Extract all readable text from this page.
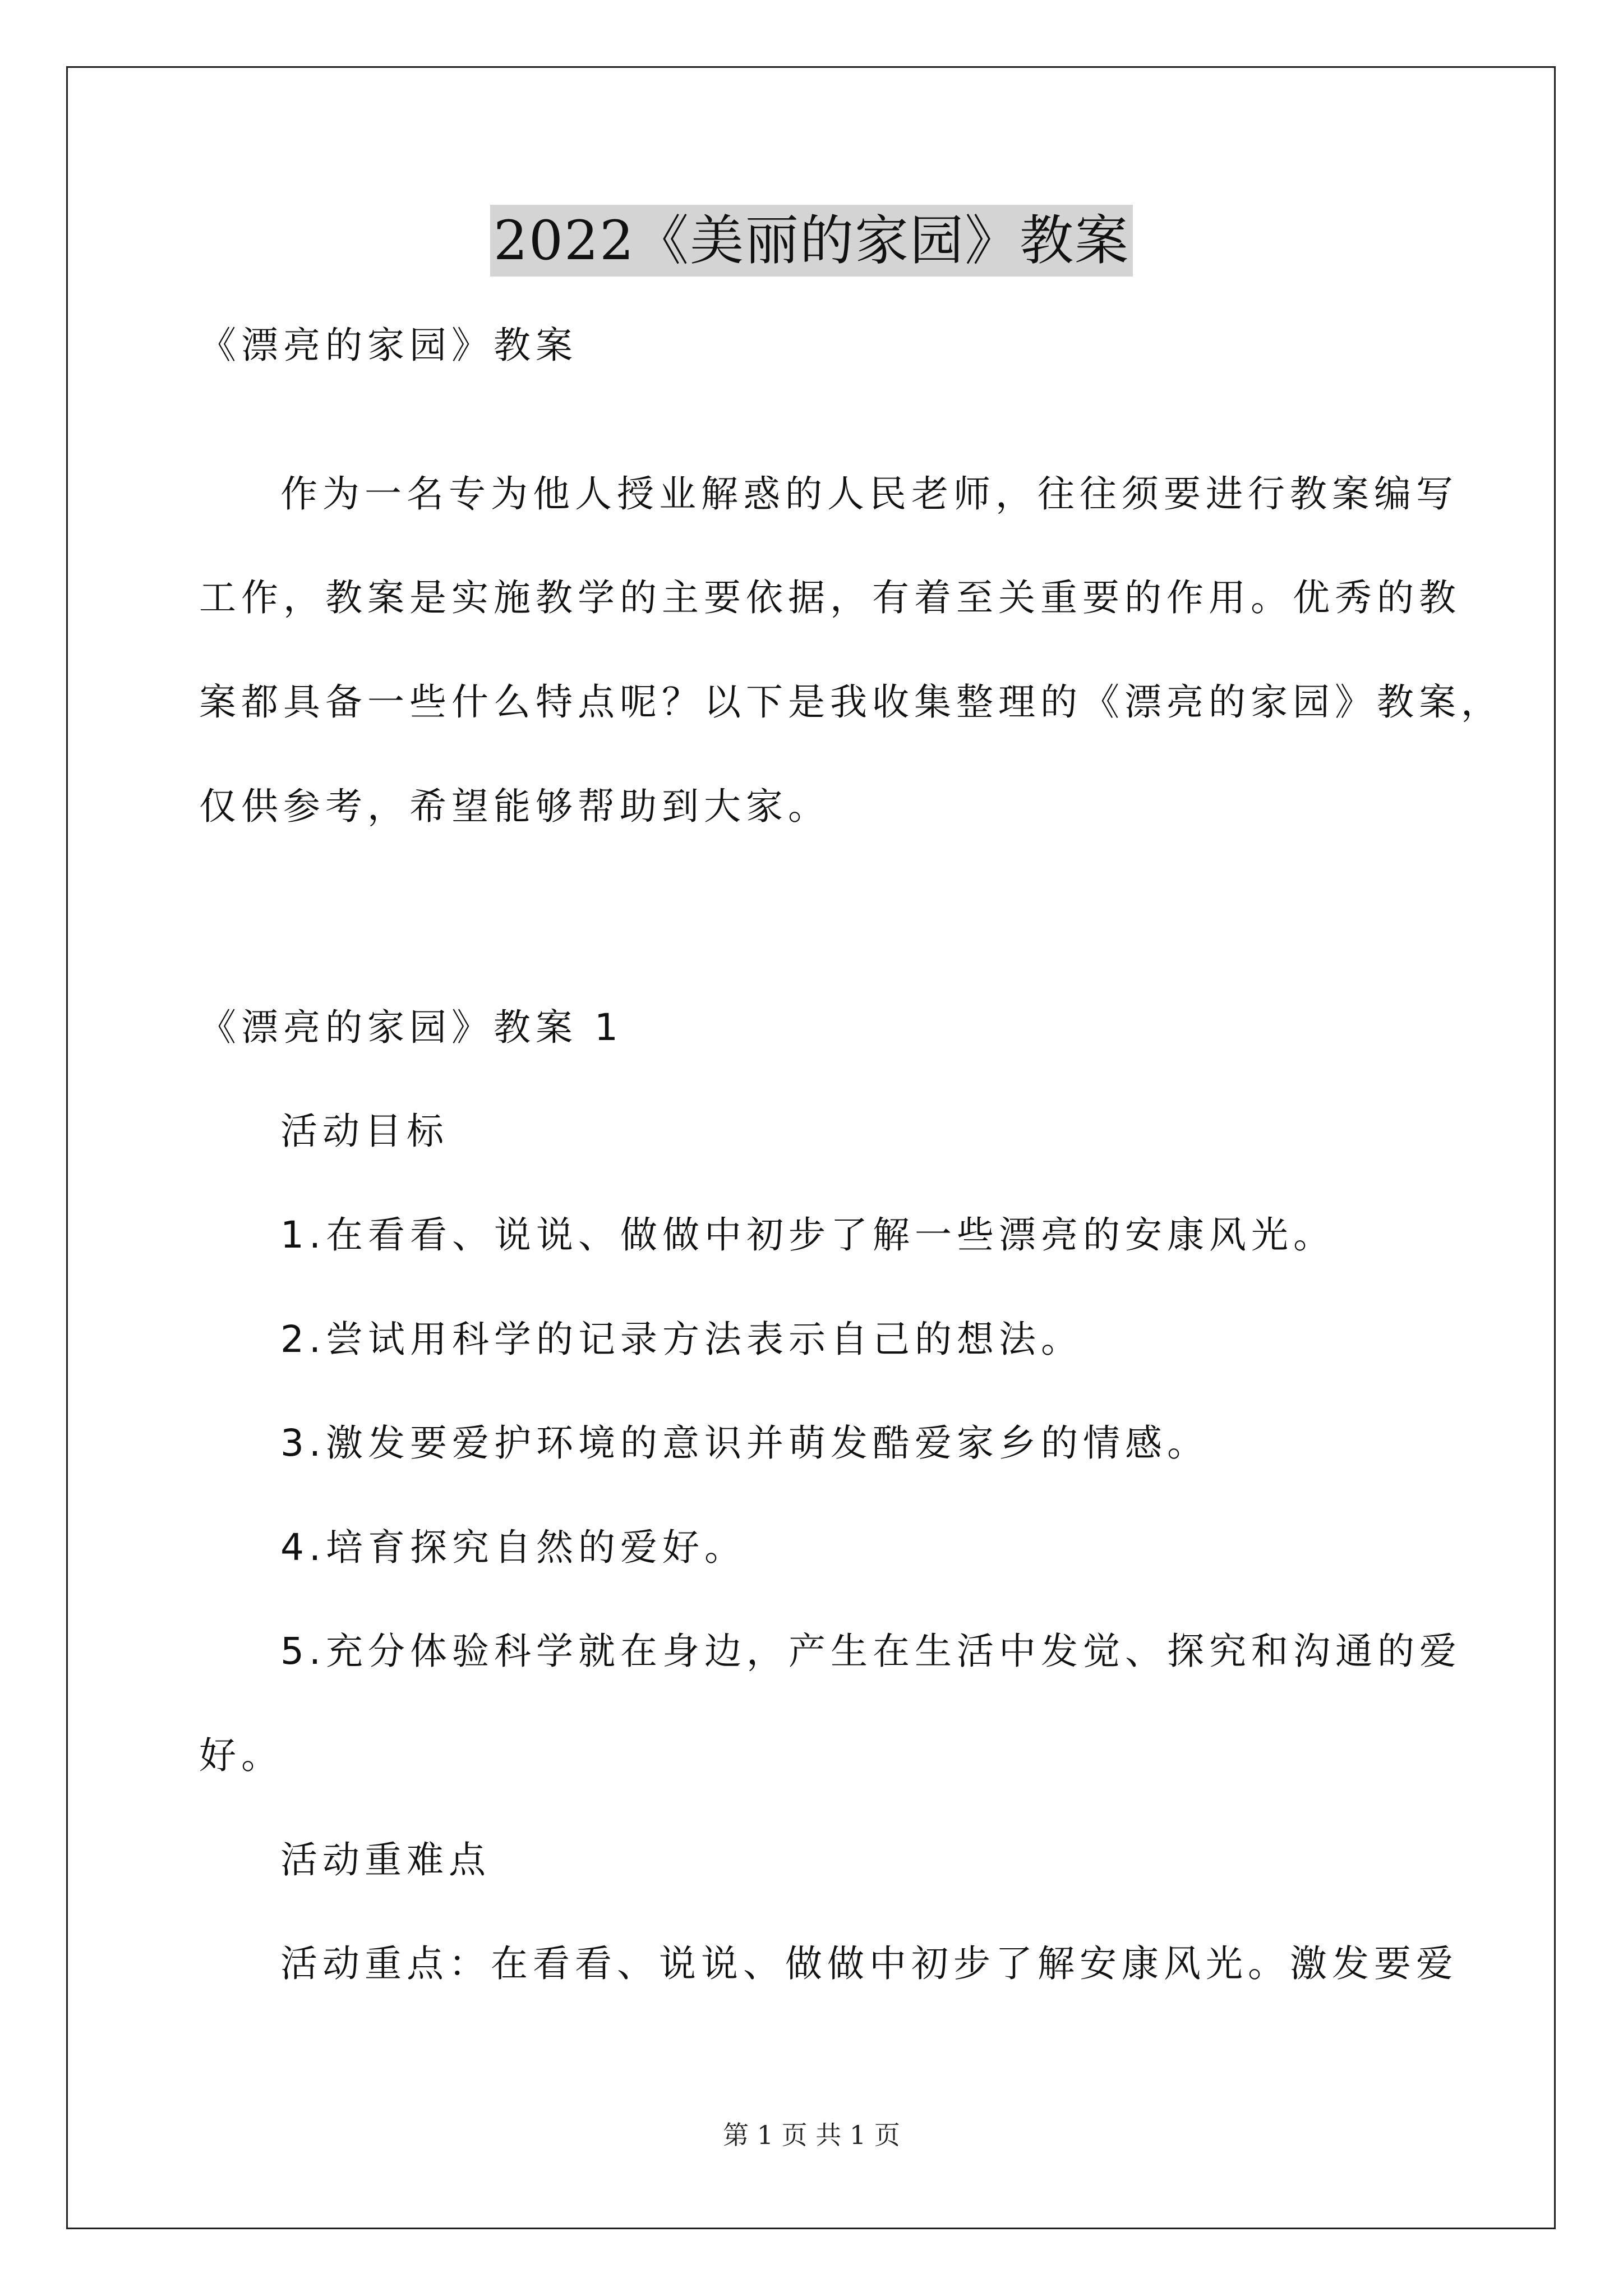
2022《美丽的家园》教案
《漂亮的家园》教案
作为一名专为他人授业解惑的人民老师，往往须要进行教案编写
工作，教案是实施教学的主要依据，有着至关重要的作用。优秀的教
案都具备一些什么特点呢？以下是我收集整理的《漂亮的家园》教案，
仅供参考，希望能够帮助到大家。
《漂亮的家园》教案 1
活动目标
1.在看看、说说、做做中初步了解一些漂亮的安康风光。
2.尝试用科学的记录方法表示自己的想法。
3.激发要爱护环境的意识并萌发酷爱家乡的情感。
4.培育探究自然的爱好。
5.充分体验科学就在身边，产生在生活中发觉、探究和沟通的爱
好。
活动重难点
活动重点：在看看、说说、做做中初步了解安康风光。激发要爱
第 1 页 共 1 页
